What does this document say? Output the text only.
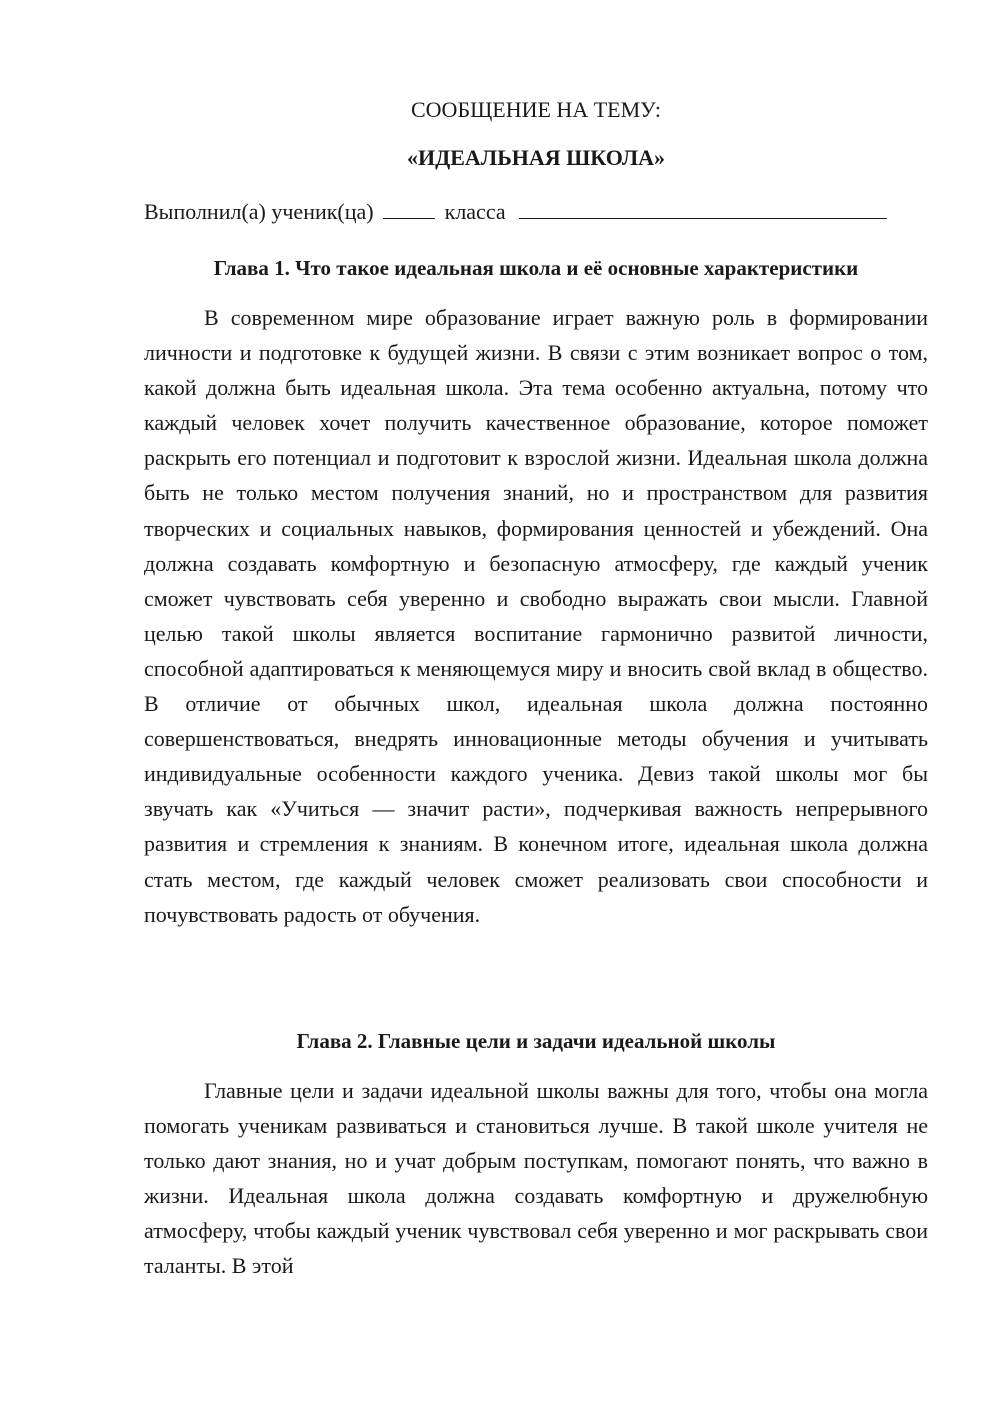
СООБЩЕНИЕ НА ТЕМУ:
«ИДЕАЛЬНАЯ ШКОЛА»
Выполнил(а) ученик(ца)	класса
Глава 1. Что такое идеальная школа и её основные характеристики

В современном мире образование играет важную роль в формировании личности и подготовке к будущей жизни. В связи с этим возникает вопрос о том, какой должна быть идеальная школа. Эта тема особенно актуальна, потому что каждый человек хочет получить качественное образование, которое поможет раскрыть его потенциал и подготовит к взрослой жизни. Идеальная школа должна быть не только местом получения знаний, но и пространством для развития творческих и социальных навыков, формирования ценностей и убеждений. Она должна создавать комфортную и безопасную атмосферу, где каждый ученик сможет чувствовать себя уверенно и свободно выражать свои мысли. Главной целью такой школы является воспитание гармонично развитой личности, способной адаптироваться к меняющемуся миру и вносить свой вклад в общество. В отличие от обычных школ, идеальная школа должна постоянно совершенствоваться, внедрять инновационные методы обучения и учитывать индивидуальные особенности каждого ученика. Девиз такой школы мог бы звучать как «Учиться — значит расти», подчеркивая важность непрерывного развития и стремления к знаниям. В конечном итоге, идеальная школа должна стать местом, где каждый человек сможет реализовать свои способности и почувствовать радость от обучения.

Глава 2. Главные цели и задачи идеальной школы

Главные цели и задачи идеальной школы важны для того, чтобы она могла помогать ученикам развиваться и становиться лучше. В такой школе учителя не только дают знания, но и учат добрым поступкам, помогают понять, что важно в жизни. Идеальная школа должна создавать комфортную и дружелюбную атмосферу, чтобы каждый ученик чувствовал себя уверенно и мог раскрывать свои таланты. В этой
